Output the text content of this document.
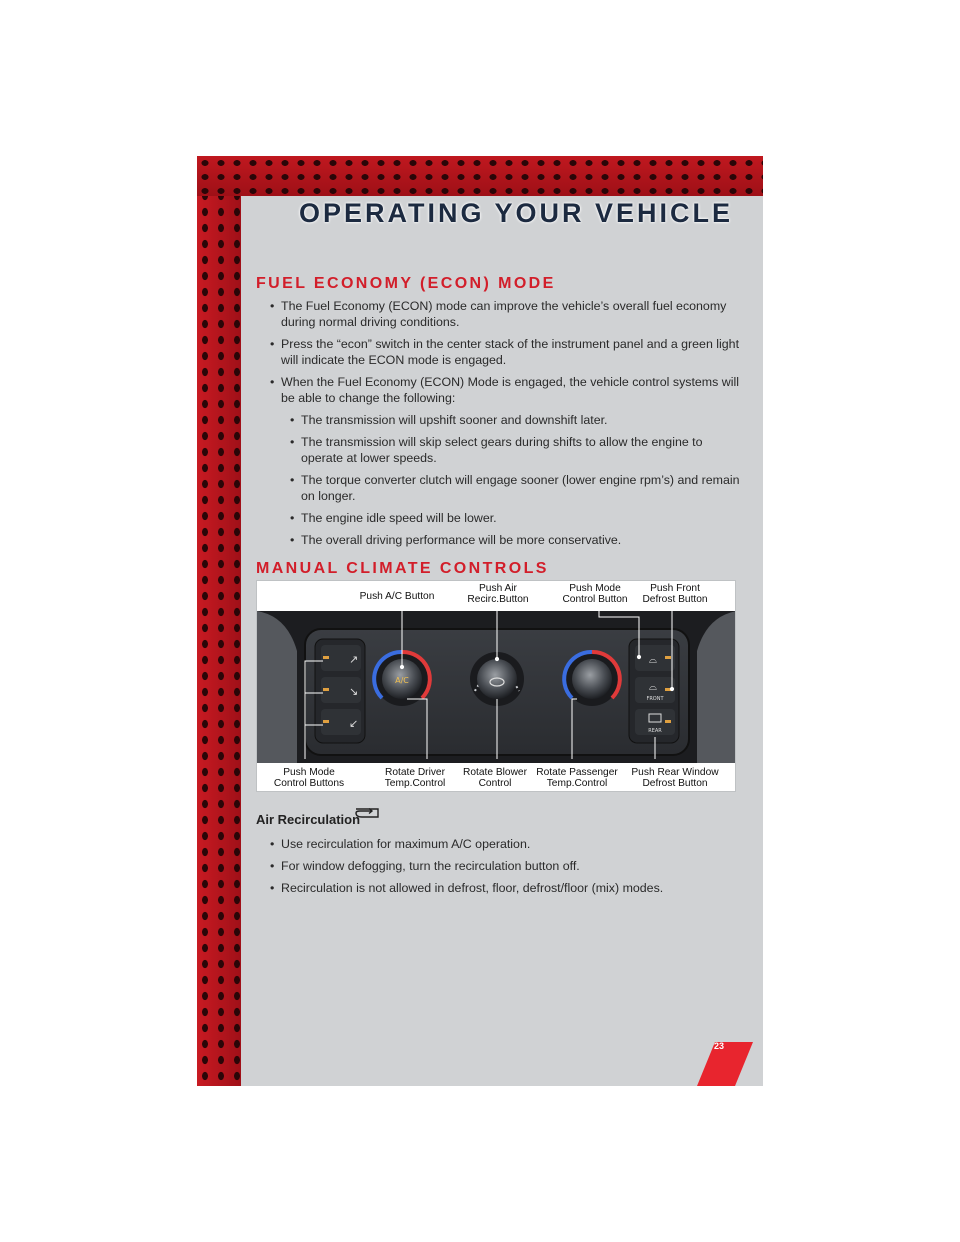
OPERATING YOUR VEHICLE
FUEL ECONOMY (ECON) MODE
• The Fuel Economy (ECON) mode can improve the vehicle’s overall fuel economy during normal driving conditions.
• Press the “econ” switch in the center stack of the instrument panel and a green light will indicate the ECON mode is engaged.
• When the Fuel Economy (ECON) Mode is engaged, the vehicle control systems will be able to change the following:
• The transmission will upshift sooner and downshift later.
• The transmission will skip select gears during shifts to allow the engine to operate at lower speeds.
• The torque converter clutch will engage sooner (lower engine rpm’s) and remain on longer.
• The engine idle speed will be lower.
• The overall driving performance will be more conservative.
MANUAL CLIMATE CONTROLS
↗
↘
↙
A/C
⌓
⌓
FRONT
REAR
Push A/C Button
Push Air
Recirc.Button
Push Mode
Control Button
Push Front
Defrost Button
Push Mode
Control Buttons
Rotate Driver
Temp.Control
Rotate Blower
Control
Rotate Passenger
Temp.Control
Push Rear Window
Defrost Button
Air Recirculation
• Use recirculation for maximum A/C operation.
• For window defogging, turn the recirculation button off.
• Recirculation is not allowed in defrost, floor, defrost/floor (mix) modes.
23
